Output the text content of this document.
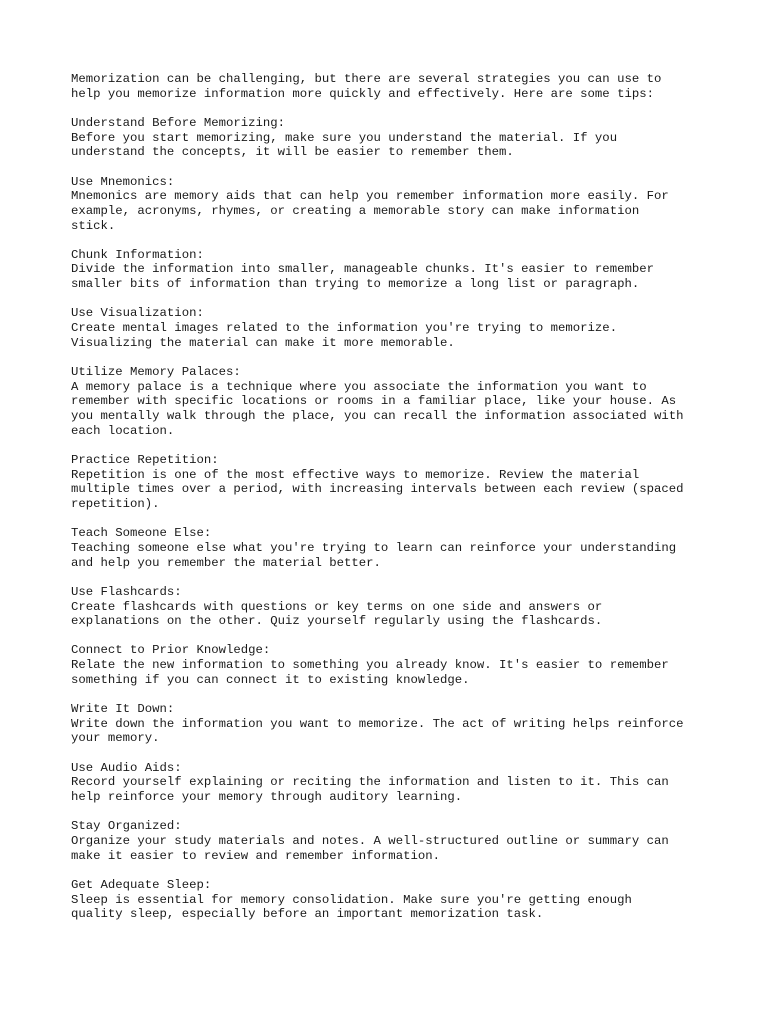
Memorization can be challenging, but there are several strategies you can use to
help you memorize information more quickly and effectively. Here are some tips:

Understand Before Memorizing:

Before you start memorizing, make sure you understand the material. If you
understand the concepts, it will be easier to remember them.

Use Mnemonics:

Mnemonics are memory aids that can help you remember information more easily. For
example, acronyms, rhymes, or creating a memorable story can make information
stick.

Chunk Information:

Divide the information into smaller, manageable chunks. It's easier to remember
smaller bits of information than trying to memorize a long list or paragraph.

Use Visualization:

Create mental images related to the information you're trying to memorize.
Visualizing the material can make it more memorable.

Utilize Memory Palaces:

A memory palace is a technique where you associate the information you want to
remember with specific locations or rooms in a familiar place, like your house. As
you mentally walk through the place, you can recall the information associated with
each location.

Practice Repetition:

Repetition is one of the most effective ways to memorize. Review the material
multiple times over a period, with increasing intervals between each review (spaced
repetition).

Teach Someone Else:

Teaching someone else what you're trying to learn can reinforce your understanding
and help you remember the material better.

Use Flashcards:

Create flashcards with questions or key terms on one side and answers or
explanations on the other. Quiz yourself regularly using the flashcards.

Connect to Prior Knowledge:

Relate the new information to something you already know. It's easier to remember
something if you can connect it to existing knowledge.

Write It Down:

Write down the information you want to memorize. The act of writing helps reinforce
your memory.

Use Audio Aids:

Record yourself explaining or reciting the information and listen to it. This can
help reinforce your memory through auditory learning.

Stay Organized:

Organize your study materials and notes. A well-structured outline or summary can
make it easier to review and remember information.

Get Adequate Sleep:

Sleep is essential for memory consolidation. Make sure you're getting enough
quality sleep, especially before an important memorization task.
